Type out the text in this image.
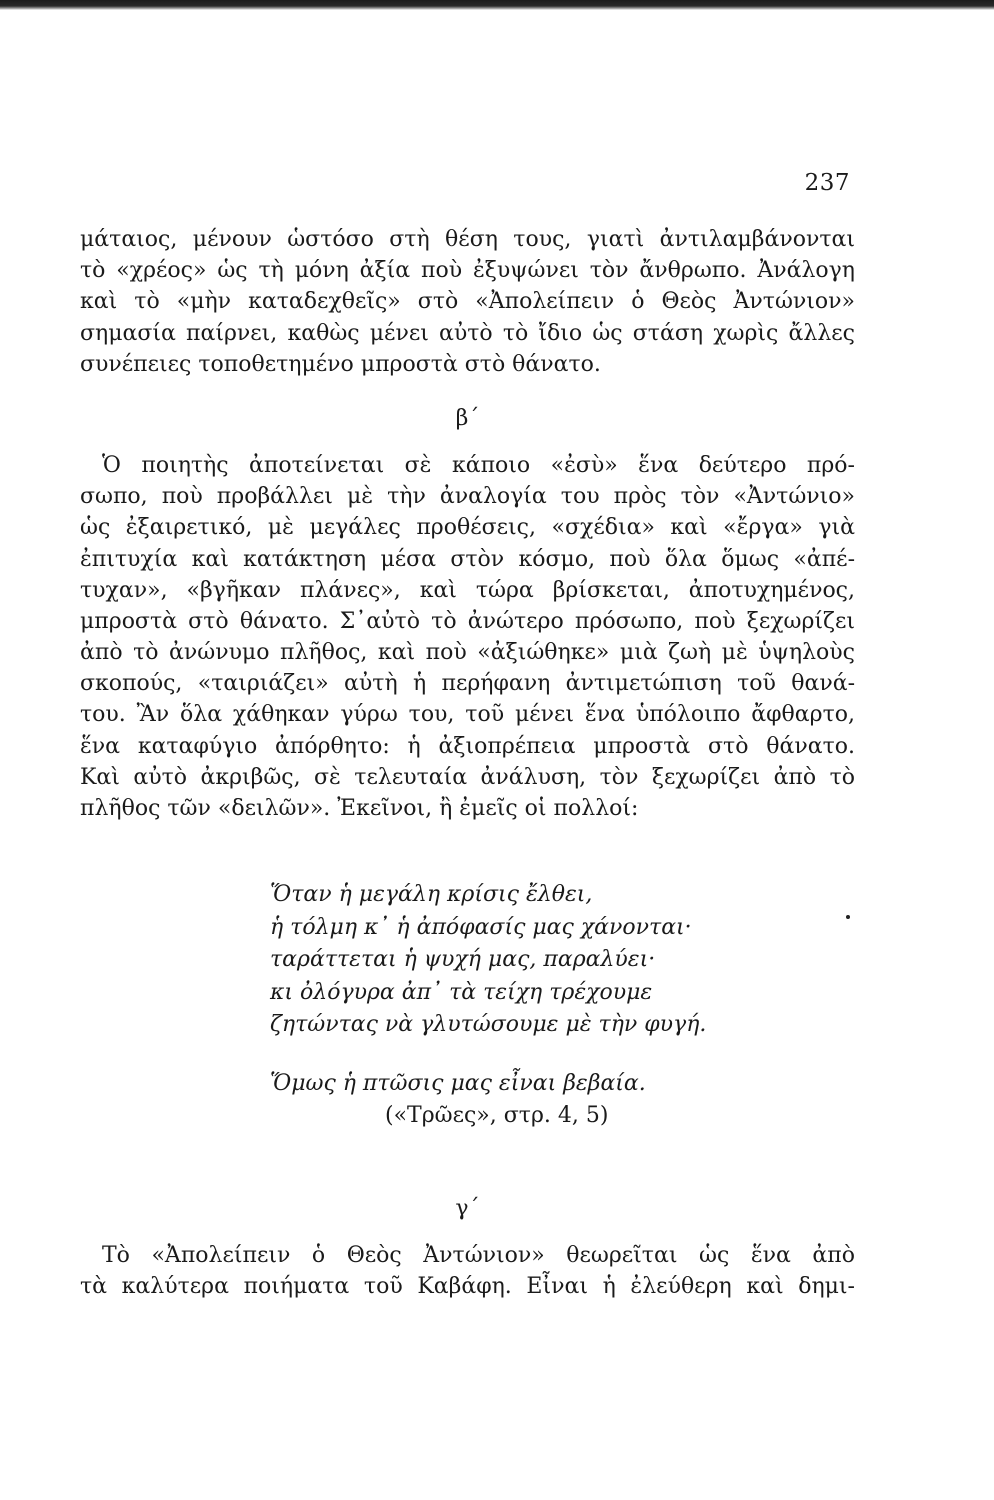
237
μάταιος, μένουν ὡστόσο στὴ θέση τους, γιατὶ ἀντιλαμβάνονται
τὸ «χρέος» ὡς τὴ μόνη ἀξία ποὺ ἐξυψώνει τὸν ἄνθρωπο. Ἀνάλογη
καὶ τὸ «μὴν καταδεχθεῖς» στὸ «Ἀπολείπειν ὁ Θεὸς Ἀντώνιον»
σημασία παίρνει, καθὼς μένει αὐτὸ τὸ ἴδιο ὡς στάση χωρὶς ἄλλες
συνέπειες τοποθετημένο μπροστὰ στὸ θάνατο.
β΄
Ὁ ποιητὴς ἀποτείνεται σὲ κάποιο «ἐσὺ» ἕνα δεύτερο πρό-
σωπο, ποὺ προβάλλει μὲ τὴν ἀναλογία του πρὸς τὸν «Ἀντώνιο»
ὡς ἐξαιρετικό, μὲ μεγάλες προθέσεις, «σχέδια» καὶ «ἔργα» γιὰ
ἐπιτυχία καὶ κατάκτηση μέσα στὸν κόσμο, ποὺ ὅλα ὅμως «ἀπέ-
τυχαν», «βγῆκαν πλάνες», καὶ τώρα βρίσκεται, ἀποτυχημένος,
μπροστὰ στὸ θάνατο. Σ᾽αὐτὸ τὸ ἀνώτερο πρόσωπο, ποὺ ξεχωρίζει
ἀπὸ τὸ ἀνώνυμο πλῆθος, καὶ ποὺ «ἀξιώθηκε» μιὰ ζωὴ μὲ ὑψηλοὺς
σκοπούς, «ταιριάζει» αὐτὴ ἡ περήφανη ἀντιμετώπιση τοῦ θανά-
του. Ἂν ὅλα χάθηκαν γύρω του, τοῦ μένει ἕνα ὑπόλοιπο ἄφθαρτο,
ἕνα καταφύγιο ἀπόρθητο: ἡ ἀξιοπρέπεια μπροστὰ στὸ θάνατο.
Καὶ αὐτὸ ἀκριβῶς, σὲ τελευταία ἀνάλυση, τὸν ξεχωρίζει ἀπὸ τὸ
πλῆθος τῶν «δειλῶν». Ἐκεῖνοι, ἢ ἐμεῖς οἱ πολλοί:
Ὅταν ἡ μεγάλη κρίσις ἔλθει,
ἡ τόλμη κ᾽ ἡ ἀπόφασίς μας χάνονται·
ταράττεται ἡ ψυχή μας, παραλύει·
κι ὀλόγυρα ἀπ᾽ τὰ τείχη τρέχουμε
ζητώντας νὰ γλυτώσουμε μὲ τὴν φυγή.
Ὅμως ἡ πτῶσις μας εἶναι βεβαία.
(«Τρῶες», στρ. 4, 5)
γ΄
Τὸ «Ἀπολείπειν ὁ Θεὸς Ἀντώνιον» θεωρεῖται ὡς ἕνα ἀπὸ
τὰ καλύτερα ποιήματα τοῦ Καβάφη. Εἶναι ἡ ἐλεύθερη καὶ δημι-
